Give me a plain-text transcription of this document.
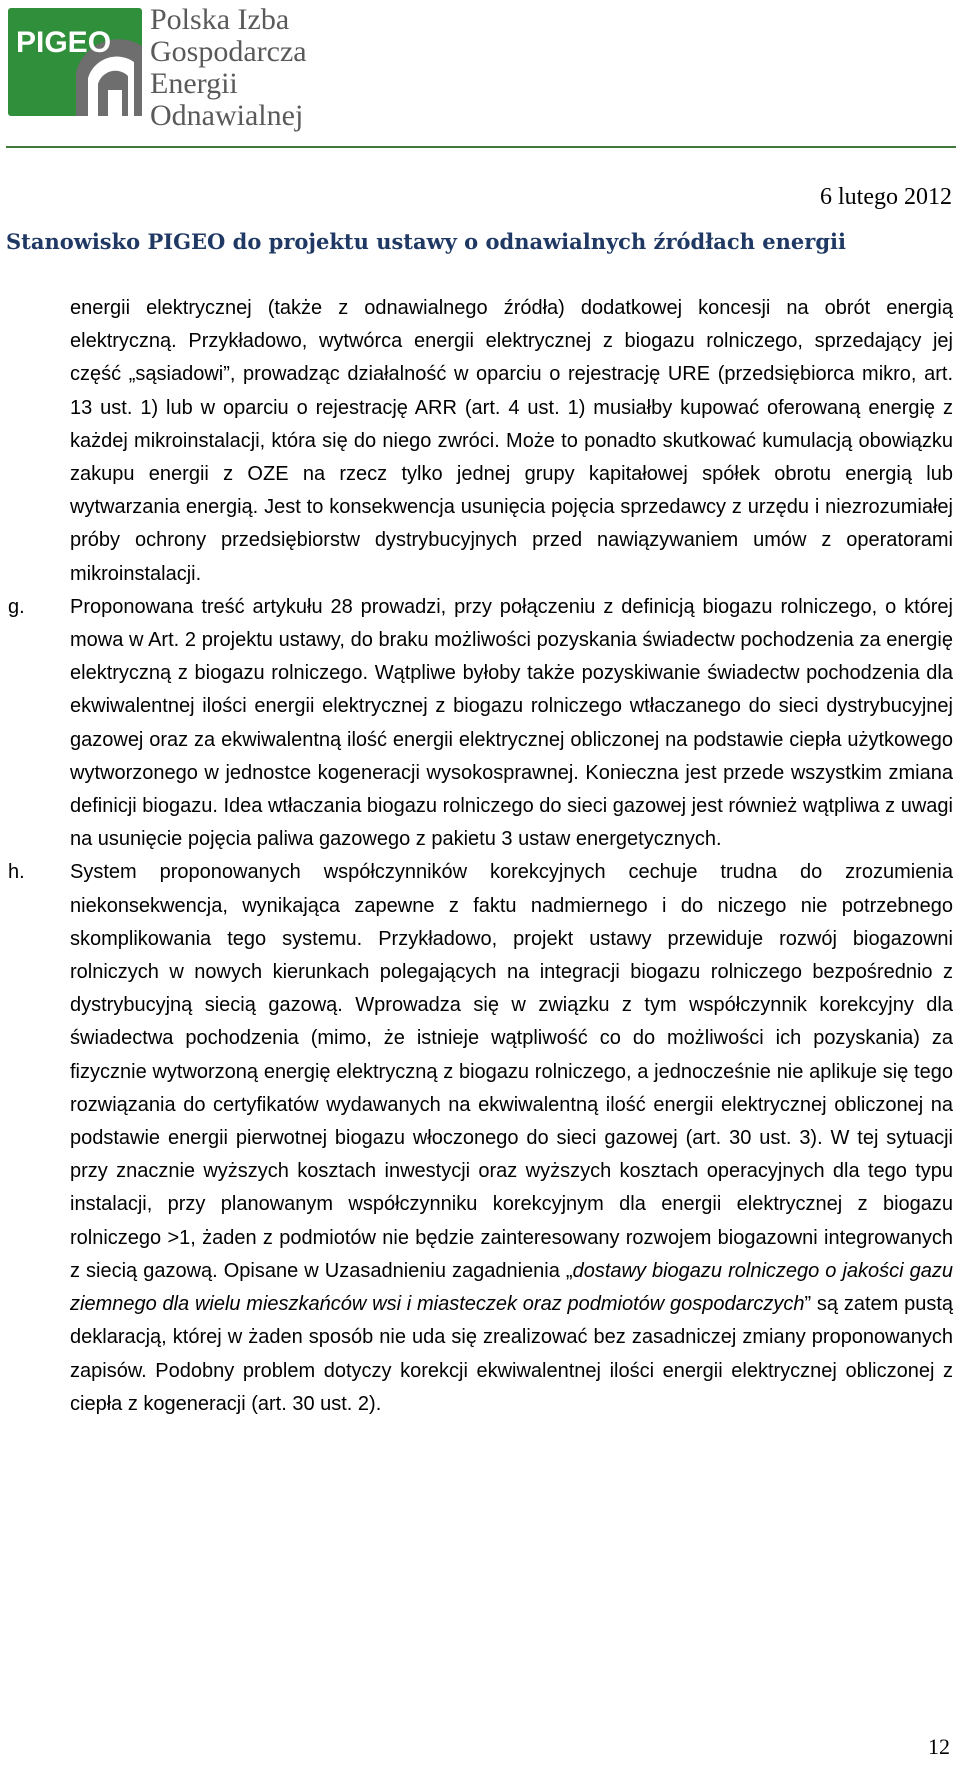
PIGEO
Polska Izba
Gospodarcza
Energii
Odnawialnej
6 lutego 2012
Stanowisko PIGEO do projektu ustawy o odnawialnych źródłach energii

energii elektrycznej (także z odnawialnego źródła) dodatkowej koncesji na obrót energią elektryczną. Przykładowo, wytwórca energii elektrycznej z biogazu rolniczego, sprzedający jej część „sąsiadowi”, prowadząc działalność w oparciu o rejestrację URE (przedsiębiorca mikro, art. 13 ust. 1) lub w oparciu o rejestrację ARR (art. 4 ust. 1) musiałby kupować oferowaną energię z każdej mikroinstalacji, która się do niego zwróci. Może to ponadto skutkować kumulacją obowiązku zakupu energii z OZE na rzecz tylko jednej grupy kapitałowej spółek obrotu energią lub wytwarzania energią. Jest to konsekwencja usunięcia pojęcia sprzedawcy z urzędu i niezrozumiałej próby ochrony przedsiębiorstw dystrybucyjnych przed nawiązywaniem umów z operatorami mikroinstalacji.

g. Proponowana treść artykułu 28 prowadzi, przy połączeniu z definicją biogazu rolniczego, o której mowa w Art. 2 projektu ustawy, do braku możliwości pozyskania świadectw pochodzenia za energię elektryczną z biogazu rolniczego. Wątpliwe byłoby także pozyskiwanie świadectw pochodzenia dla ekwiwalentnej ilości energii elektrycznej z biogazu rolniczego wtłaczanego do sieci dystrybucyjnej gazowej oraz za ekwiwalentną ilość energii elektrycznej obliczonej na podstawie ciepła użytkowego wytworzonego w jednostce kogeneracji wysokosprawnej. Konieczna jest przede wszystkim zmiana definicji biogazu. Idea wtłaczania biogazu rolniczego do sieci gazowej jest również wątpliwa z uwagi na usunięcie pojęcia paliwa gazowego z pakietu 3 ustaw energetycznych.
h. System proponowanych współczynników korekcyjnych cechuje trudna do zrozumienia niekonsekwencja, wynikająca zapewne z faktu nadmiernego i do niczego nie potrzebnego skomplikowania tego systemu. Przykładowo, projekt ustawy przewiduje rozwój biogazowni rolniczych w nowych kierunkach polegających na integracji biogazu rolniczego bezpośrednio z dystrybucyjną siecią gazową. Wprowadza się w związku z tym współczynnik korekcyjny dla świadectwa pochodzenia (mimo, że istnieje wątpliwość co do możliwości ich pozyskania) za fizycznie wytworzoną energię elektryczną z biogazu rolniczego, a jednocześnie nie aplikuje się tego rozwiązania do certyfikatów wydawanych na ekwiwalentną ilość energii elektrycznej obliczonej na podstawie energii pierwotnej biogazu włoczonego do sieci gazowej (art. 30 ust. 3). W tej sytuacji przy znacznie wyższych kosztach inwestycji oraz wyższych kosztach operacyjnych dla tego typu instalacji, przy planowanym współczynniku korekcyjnym dla energii elektrycznej z biogazu rolniczego >1, żaden z podmiotów nie będzie zainteresowany rozwojem biogazowni integrowanych z siecią gazową. Opisane w Uzasadnieniu zagadnienia „dostawy biogazu rolniczego o jakości gazu ziemnego dla wielu mieszkańców wsi i miasteczek oraz podmiotów gospodarczych” są zatem pustą deklaracją, której w żaden sposób nie uda się zrealizować bez zasadniczej zmiany proponowanych zapisów. Podobny problem dotyczy korekcji ekwiwalentnej ilości energii elektrycznej obliczonej z ciepła z kogeneracji (art. 30 ust. 2).
12
